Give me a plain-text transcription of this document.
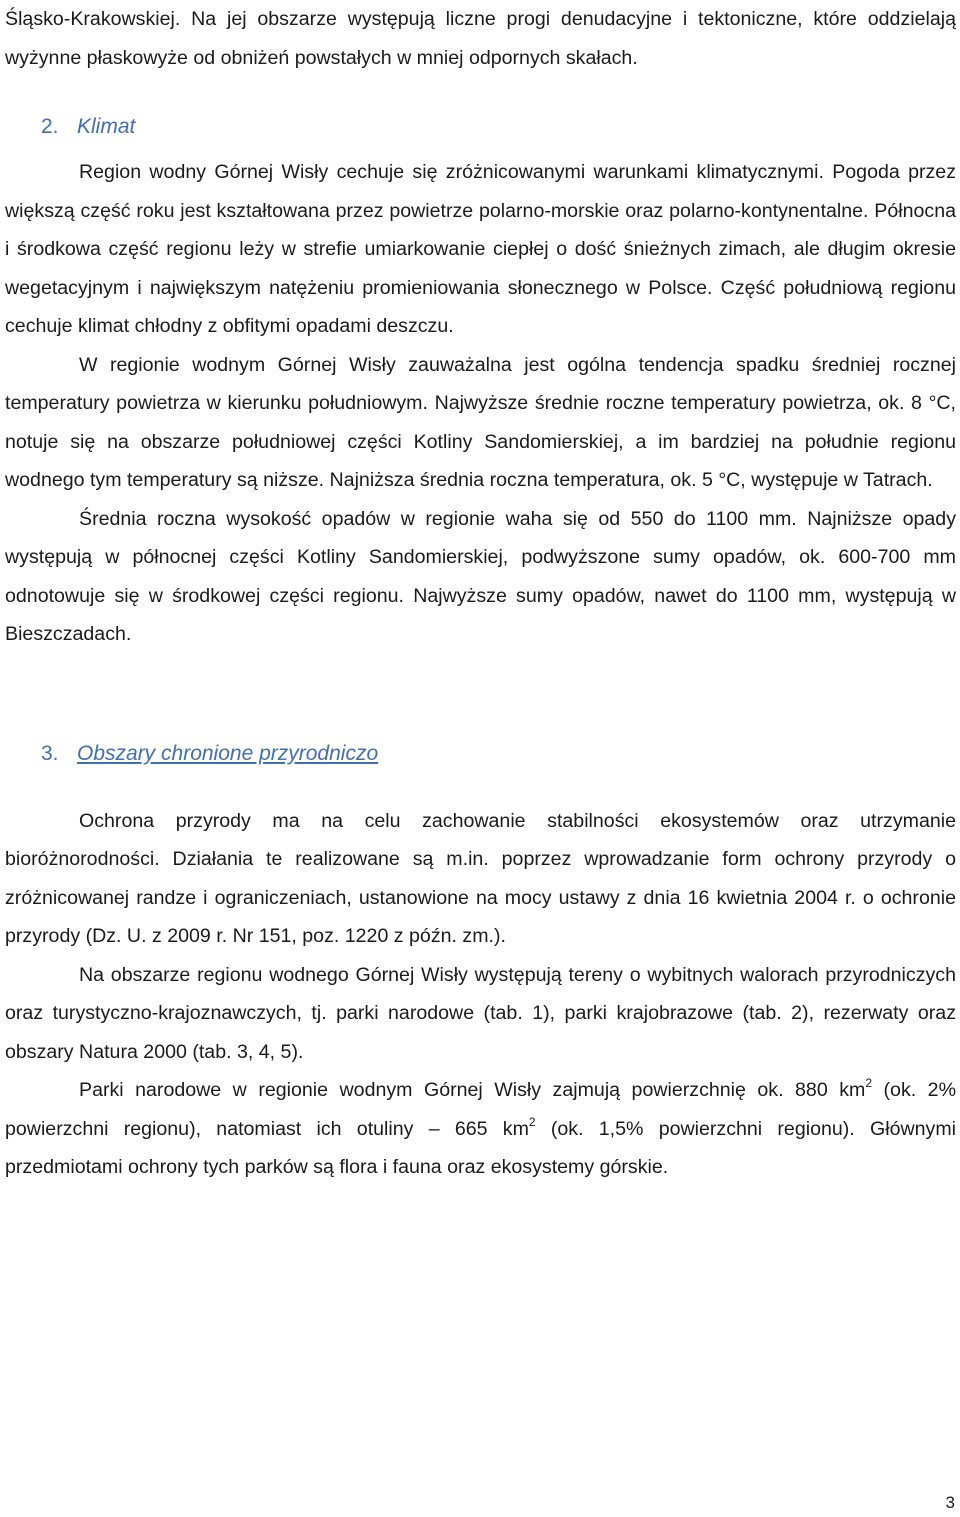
Śląsko-Krakowskiej. Na jej obszarze występują liczne progi denudacyjne i tektoniczne, które oddzielają wyżynne płaskowyże od obniżeń powstałych w mniej odpornych skałach.

2. Klimat

Region wodny Górnej Wisły cechuje się zróżnicowanymi warunkami klimatycznymi. Pogoda przez większą część roku jest kształtowana przez powietrze polarno-morskie oraz polarno-kontynentalne. Północna i środkowa część regionu leży w strefie umiarkowanie ciepłej o dość śnieżnych zimach, ale długim okresie wegetacyjnym i największym natężeniu promieniowania słonecznego w Polsce. Część południową regionu cechuje klimat chłodny z obfitymi opadami deszczu.

W regionie wodnym Górnej Wisły zauważalna jest ogólna tendencja spadku średniej rocznej temperatury powietrza w kierunku południowym. Najwyższe średnie roczne temperatury powietrza, ok. 8 °C, notuje się na obszarze południowej części Kotliny Sandomierskiej, a im bardziej na południe regionu wodnego tym temperatury są niższe. Najniższa średnia roczna temperatura, ok. 5 °C, występuje w Tatrach.

Średnia roczna wysokość opadów w regionie waha się od 550 do 1100 mm. Najniższe opady występują w północnej części Kotliny Sandomierskiej, podwyższone sumy opadów, ok. 600-700 mm odnotowuje się w środkowej części regionu. Najwyższe sumy opadów, nawet do 1100 mm, występują w Bieszczadach.

3. Obszary chronione przyrodniczo

Ochrona przyrody ma na celu zachowanie stabilności ekosystemów oraz utrzymanie bioróżnorodności. Działania te realizowane są m.in. poprzez wprowadzanie form ochrony przyrody o zróżnicowanej randze i ograniczeniach, ustanowione na mocy ustawy z dnia 16 kwietnia 2004 r. o ochronie przyrody (Dz. U. z 2009 r. Nr 151, poz. 1220 z późn. zm.).

Na obszarze regionu wodnego Górnej Wisły występują tereny o wybitnych walorach przyrodniczych oraz turystyczno-krajoznawczych, tj. parki narodowe (tab. 1), parki krajobrazowe (tab. 2), rezerwaty oraz obszary Natura 2000 (tab. 3, 4, 5).

Parki narodowe w regionie wodnym Górnej Wisły zajmują powierzchnię ok. 880 $km^2$ (ok. 2% powierzchni regionu), natomiast ich otuliny – 665 $km^2$ (ok. 1,5% powierzchni regionu). Głównymi przedmiotami ochrony tych parków są flora i fauna oraz ekosystemy górskie.

3
